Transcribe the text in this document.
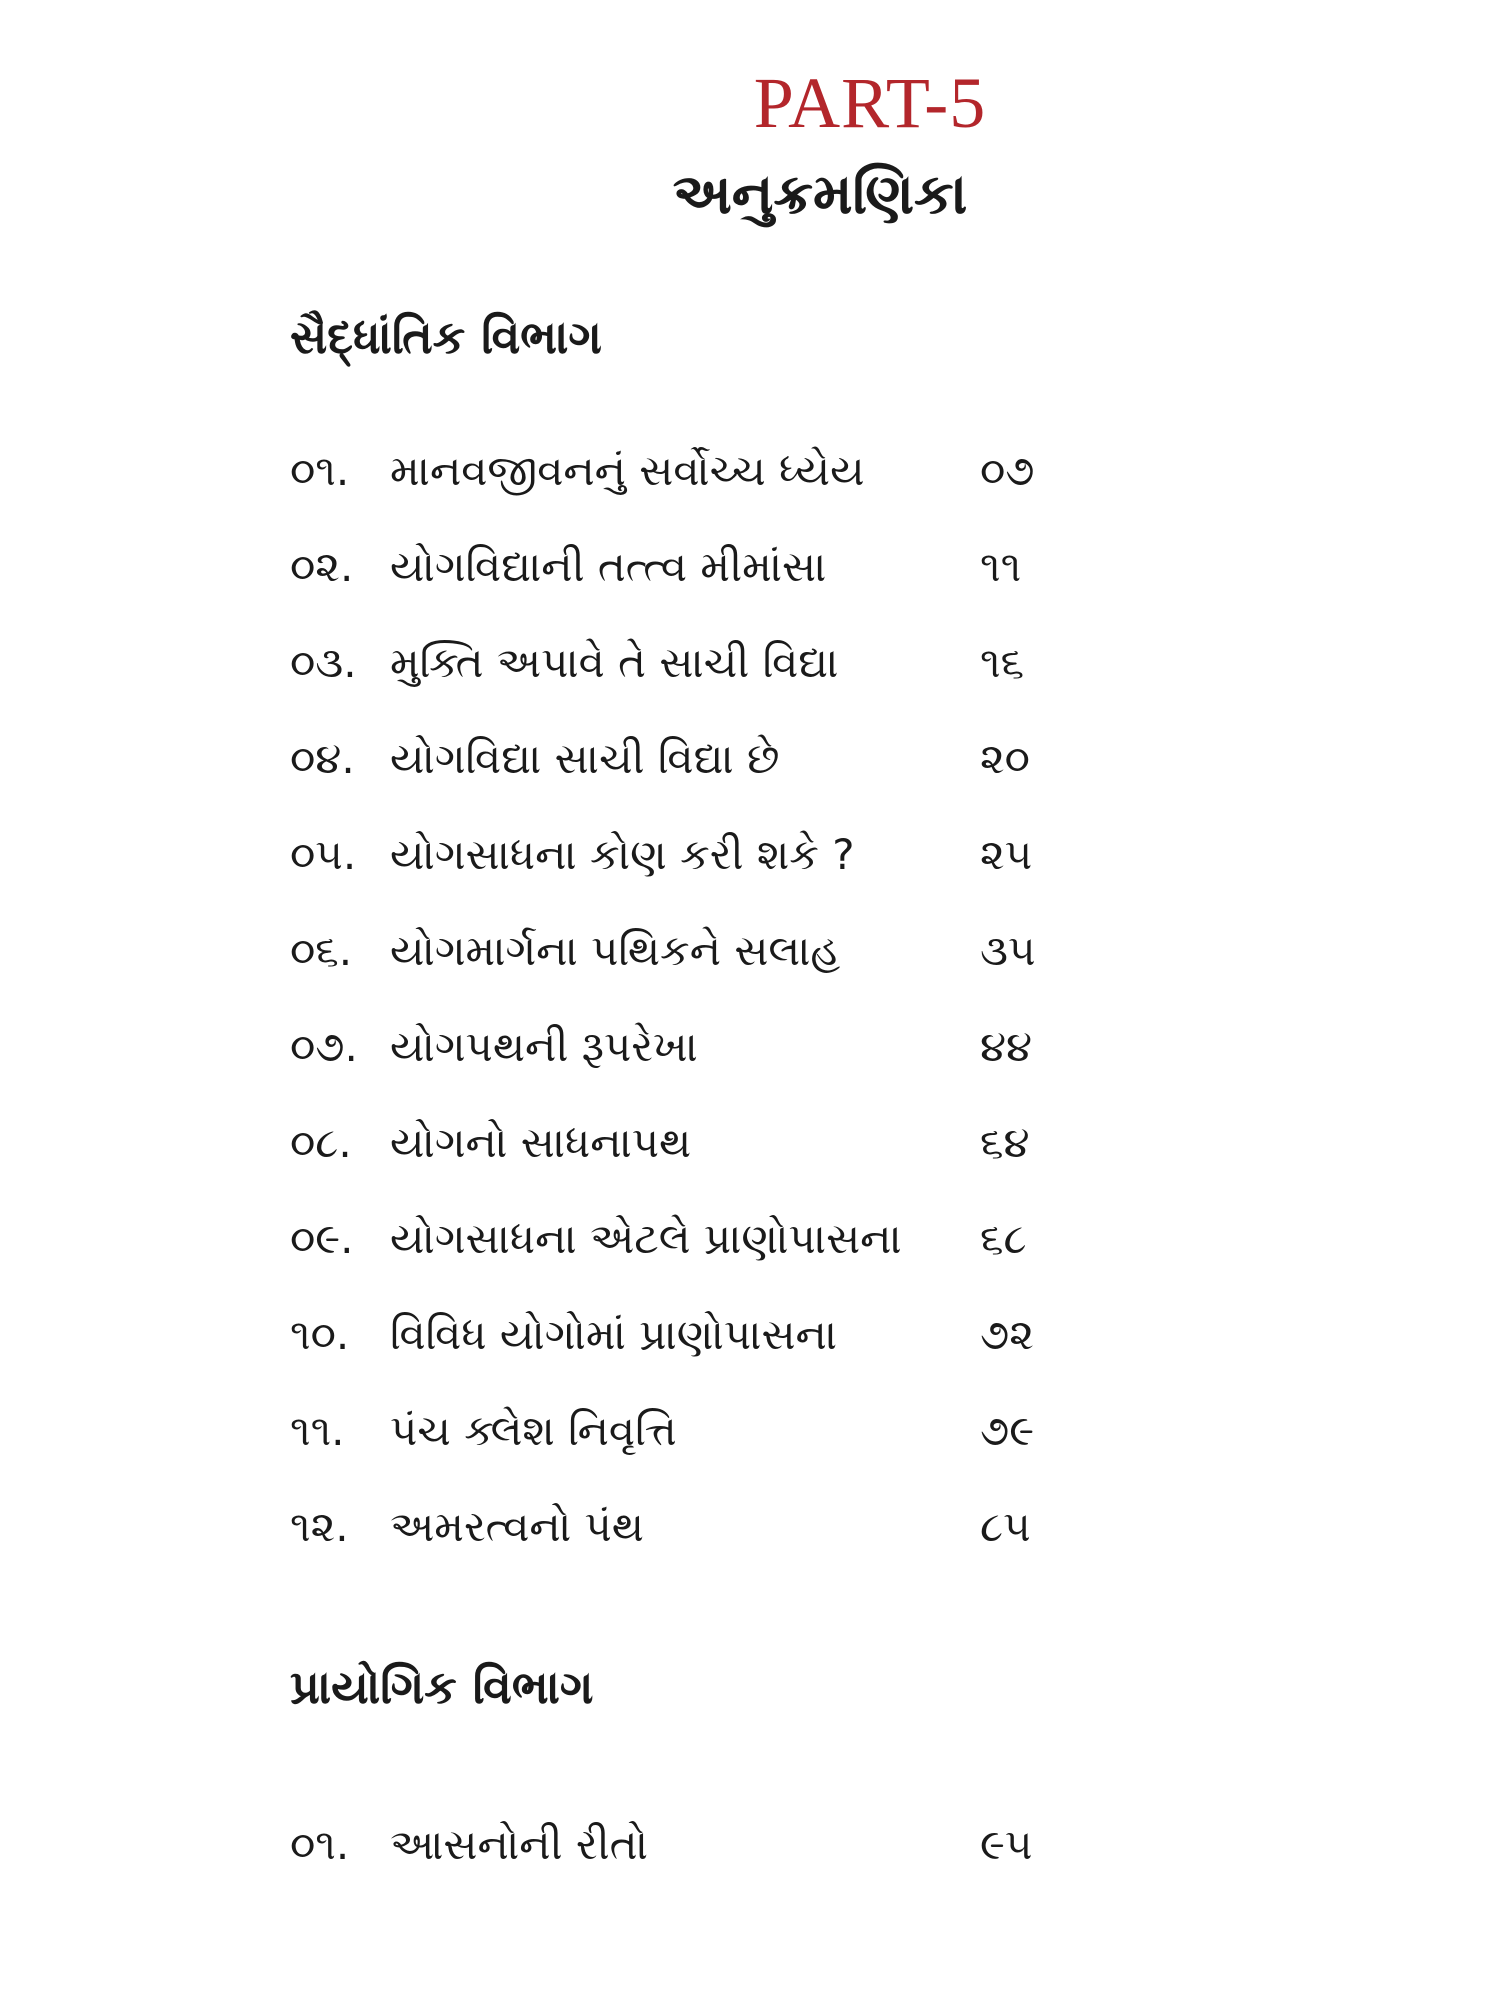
PART-5
અનુક્રમણિકા
સૈદ્ધાંતિક વિભાગ
૦૧. માનવજીવનનું સર્વોચ્ચ ધ્યેય	૦૭
૦૨. યોગવિદ્યાની તત્ત્વ મીમાંસા	૧૧
૦૩. મુક્તિ અપાવે તે સાચી વિદ્યા	૧૬
૦૪. યોગવિદ્યા સાચી વિદ્યા છે	૨૦
૦૫. યોગસાધના કોણ કરી શકે ?	૨૫
૦૬. યોગમાર્ગના પથિકને સલાહ	૩૫
૦૭. યોગપથની રૂપરેખા	૪૪
૦૮. યોગનો સાધનાપથ	૬૪
૦૯. યોગસાધના એટલે પ્રાણોપાસના	૬૮
૧૦. વિવિધ યોગોમાં પ્રાણોપાસના	૭૨
૧૧.	પંચ ક્લેશ નિવૃત્તિ	૭૯
૧૨. અમરત્વનો પંથ	૮૫
પ્રાયોગિક વિભાગ
૦૧. આસનોની રીતો	૯૫
